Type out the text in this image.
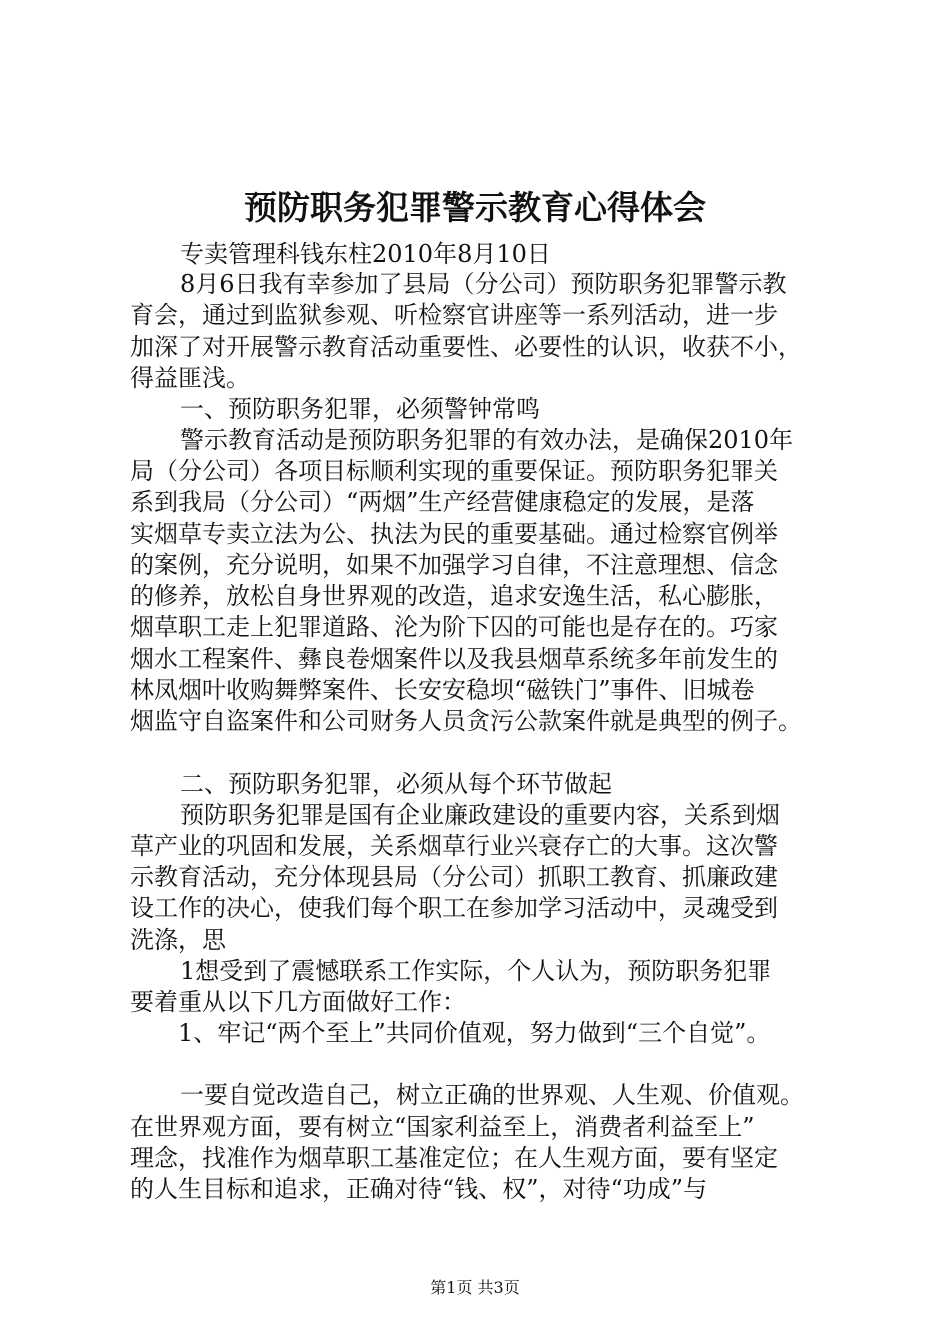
预防职务犯罪警示教育心得体会
专卖管理科钱东柱2010年8月10日
8月6日我有幸参加了县局（分公司）预防职务犯罪警示教
育会，通过到监狱参观、听检察官讲座等一系列活动，进一步
加深了对开展警示教育活动重要性、必要性的认识，收获不小，
得益匪浅。
一、预防职务犯罪，必须警钟常鸣
警示教育活动是预防职务犯罪的有效办法，是确保2010年
局（分公司）各项目标顺利实现的重要保证。预防职务犯罪关
系到我局（分公司）“两烟”生产经营健康稳定的发展，是落
实烟草专卖立法为公、执法为民的重要基础。通过检察官例举
的案例，充分说明，如果不加强学习自律，不注意理想、信念
的修养，放松自身世界观的改造，追求安逸生活，私心膨胀，
烟草职工走上犯罪道路、沦为阶下囚的可能也是存在的。巧家
烟水工程案件、彝良卷烟案件以及我县烟草系统多年前发生的
林凤烟叶收购舞弊案件、长安安稳坝“磁铁门”事件、旧城卷
烟监守自盗案件和公司财务人员贪污公款案件就是典型的例子。
二、预防职务犯罪，必须从每个环节做起
预防职务犯罪是国有企业廉政建设的重要内容，关系到烟
草产业的巩固和发展，关系烟草行业兴衰存亡的大事。这次警
示教育活动，充分体现县局（分公司）抓职工教育、抓廉政建
设工作的决心，使我们每个职工在参加学习活动中，灵魂受到
洗涤，思
1想受到了震憾联系工作实际，个人认为，预防职务犯罪
要着重从以下几方面做好工作：
1、牢记“两个至上”共同价值观，努力做到“三个自觉”。
一要自觉改造自己，树立正确的世界观、人生观、价值观。
在世界观方面，要有树立“国家利益至上，消费者利益至上”
理念，找准作为烟草职工基准定位；在人生观方面，要有坚定
的人生目标和追求，正确对待“钱、权”，对待“功成”与
第1页 共3页
